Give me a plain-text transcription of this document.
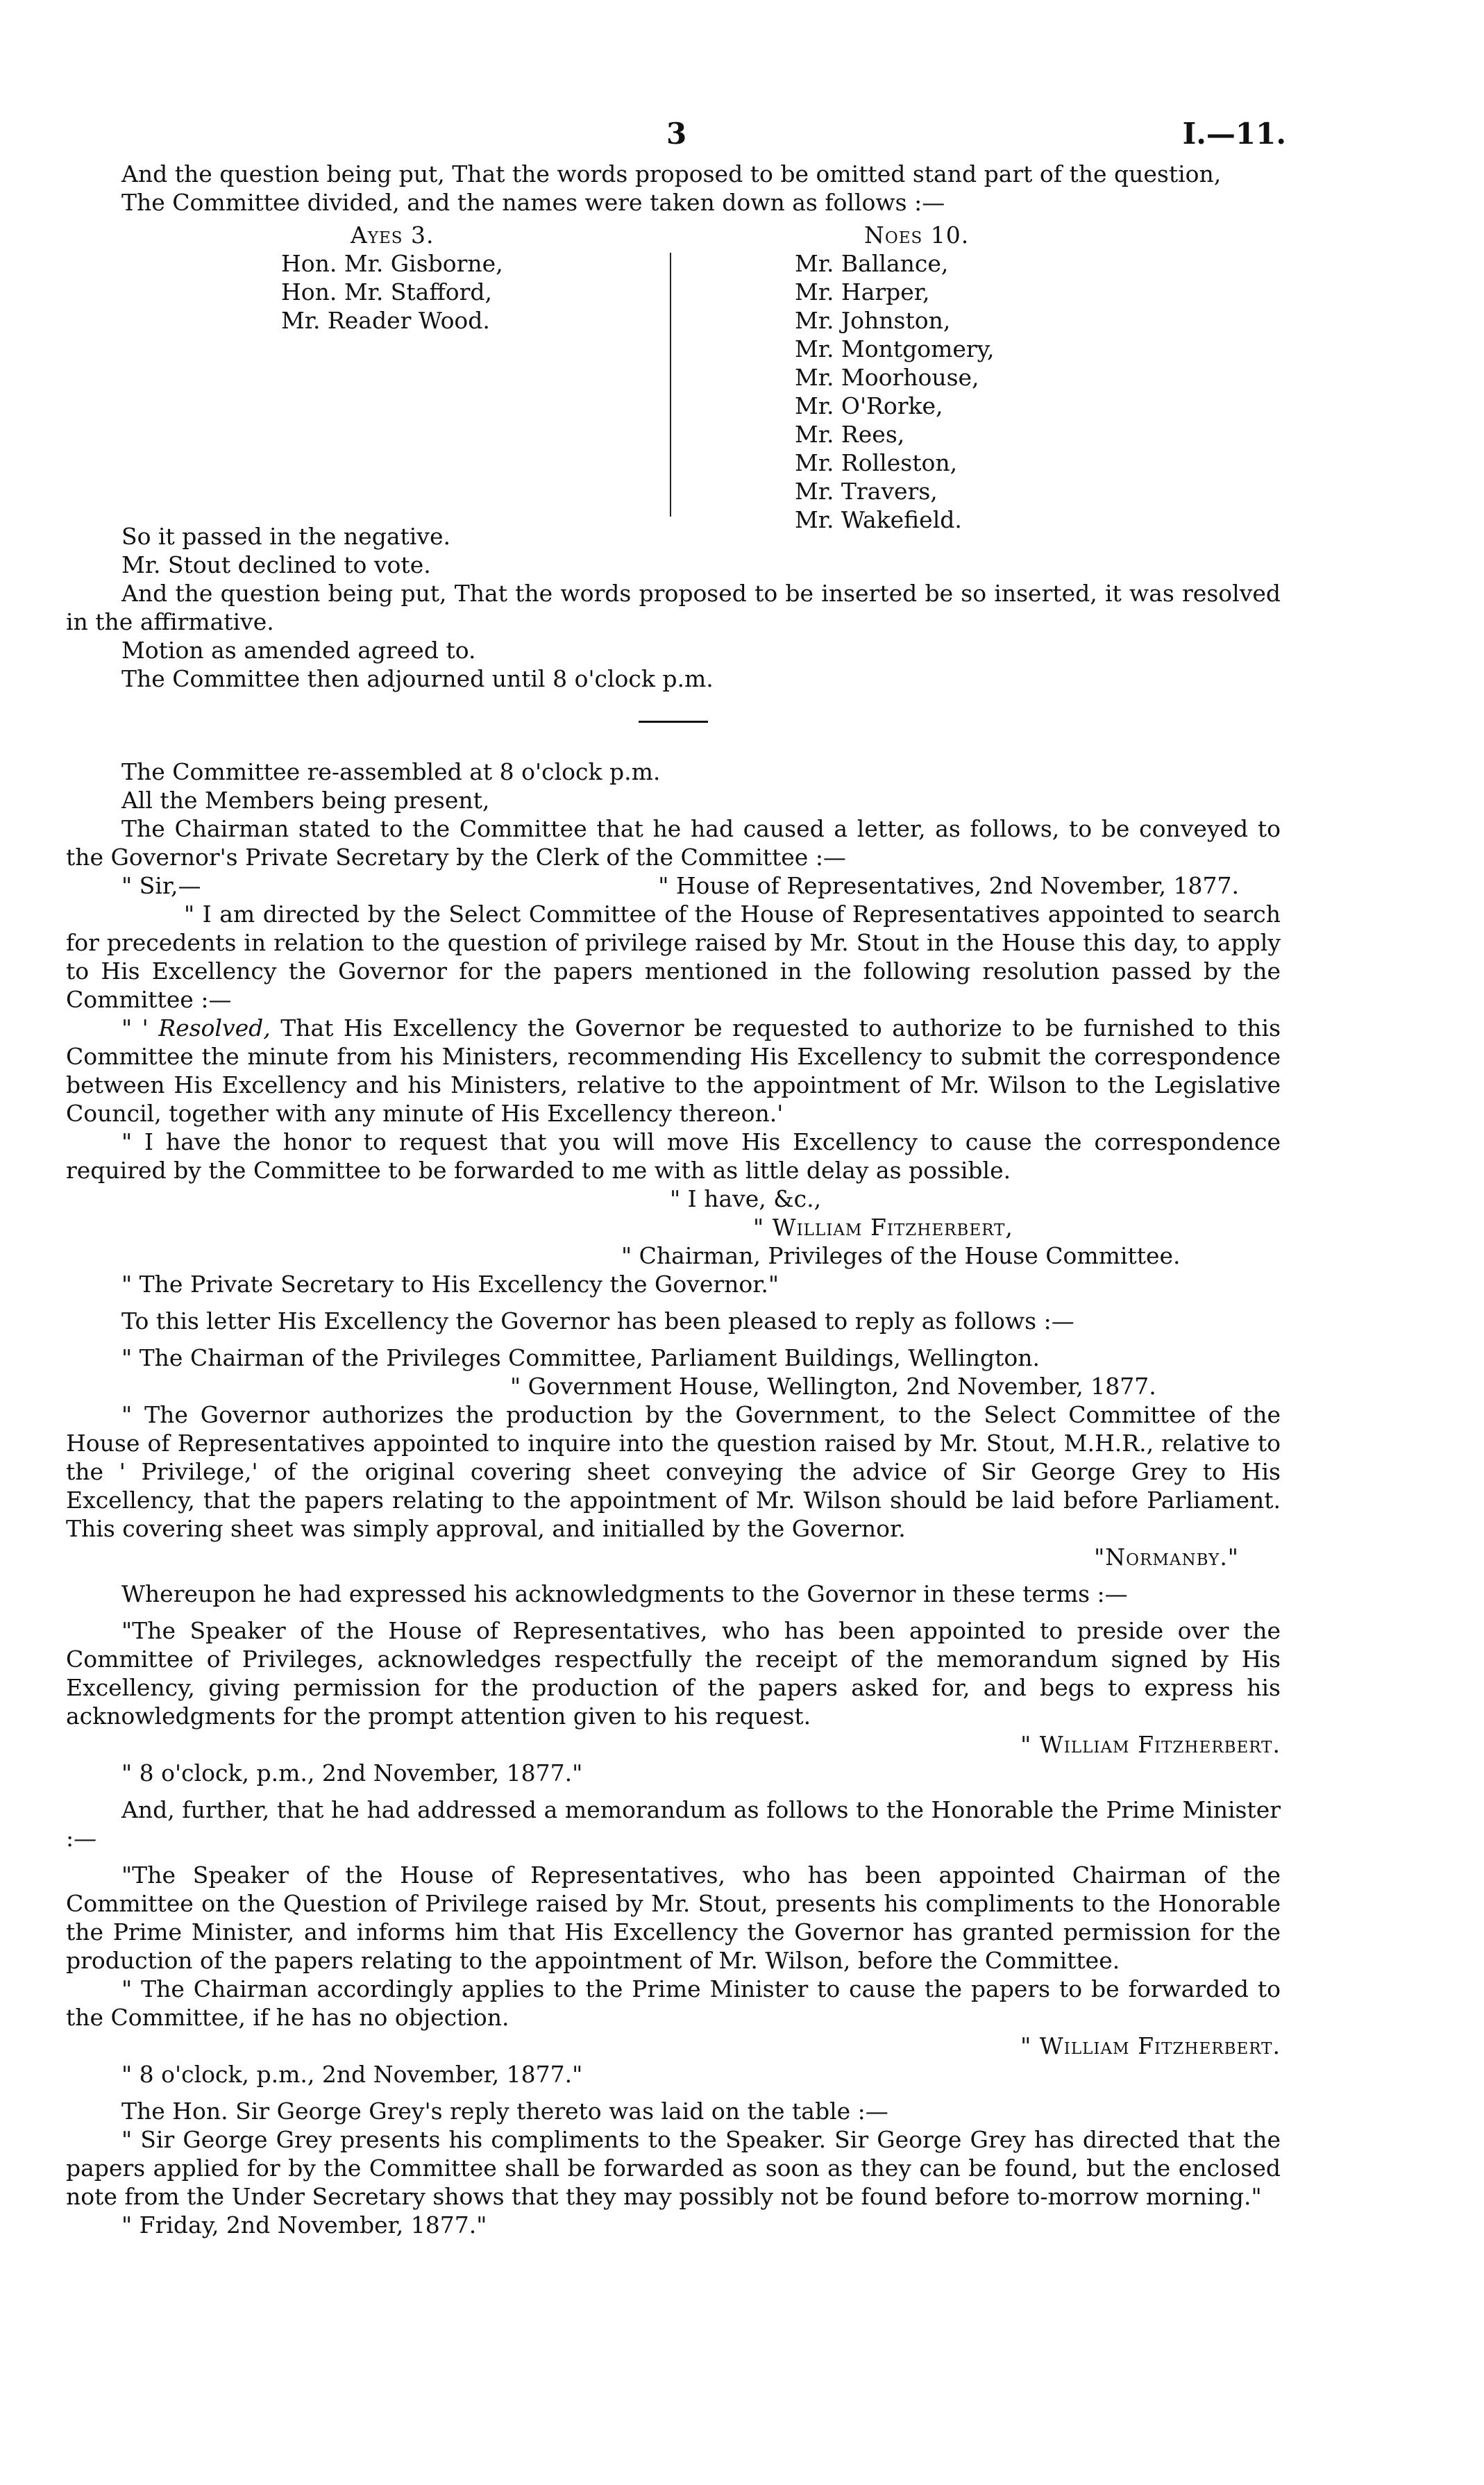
3	I.—11.

And the question being put, That the words proposed to be omitted stand part of the question,

The Committee divided, and the names were taken down as follows :—

Ayes 3.
Hon. Mr. Gisborne,
Hon. Mr. Stafford,
Mr. Reader Wood.
Noes 10.
Mr. Ballance,
Mr. Harper,
Mr. Johnston,
Mr. Montgomery,
Mr. Moorhouse,
Mr. O'Rorke,
Mr. Rees,
Mr. Rolleston,
Mr. Travers,
Mr. Wakefield.

So it passed in the negative.

Mr. Stout declined to vote.

And the question being put, That the words proposed to be inserted be so inserted, it was resolved in the affirmative.

Motion as amended agreed to.

The Committee then adjourned until 8 o'clock p.m.

The Committee re-assembled at 8 o'clock p.m.

All the Members being present,

The Chairman stated to the Committee that he had caused a letter, as follows, to be conveyed to the Governor's Private Secretary by the Clerk of the Committee :—

" Sir,—	" House of Representatives, 2nd November, 1877.

" I am directed by the Select Committee of the House of Representatives appointed to search for precedents in relation to the question of privilege raised by Mr. Stout in the House this day, to apply to His Excellency the Governor for the papers mentioned in the following resolution passed by the Committee :—

" ' Resolved, That His Excellency the Governor be requested to authorize to be furnished to this Committee the minute from his Ministers, recommending His Excellency to submit the correspondence between His Excellency and his Ministers, relative to the appointment of Mr. Wilson to the Legislative Council, together with any minute of His Excellency thereon.'

" I have the honor to request that you will move His Excellency to cause the correspondence required by the Committee to be forwarded to me with as little delay as possible.

" I have, &c.,

" William Fitzherbert,

" Chairman, Privileges of the House Committee.

" The Private Secretary to His Excellency the Governor."

To this letter His Excellency the Governor has been pleased to reply as follows :—

" The Chairman of the Privileges Committee, Parliament Buildings, Wellington.

" Government House, Wellington, 2nd November, 1877.

" The Governor authorizes the production by the Government, to the Select Committee of the House of Representatives appointed to inquire into the question raised by Mr. Stout, M.H.R., relative to the ' Privilege,' of the original covering sheet conveying the advice of Sir George Grey to His Excellency, that the papers relating to the appointment of Mr. Wilson should be laid before Parliament. This covering sheet was simply approval, and initialled by the Governor.

"Normanby."

Whereupon he had expressed his acknowledgments to the Governor in these terms :—

"The Speaker of the House of Representatives, who has been appointed to preside over the Committee of Privileges, acknowledges respectfully the receipt of the memorandum signed by His Excellency, giving permission for the production of the papers asked for, and begs to express his acknowledgments for the prompt attention given to his request.

" William Fitzherbert.

" 8 o'clock, p.m., 2nd November, 1877."

And, further, that he had addressed a memorandum as follows to the Honorable the Prime Minister :—

"The Speaker of the House of Representatives, who has been appointed Chairman of the Committee on the Question of Privilege raised by Mr. Stout, presents his compliments to the Honorable the Prime Minister, and informs him that His Excellency the Governor has granted permission for the production of the papers relating to the appointment of Mr. Wilson, before the Committee.

" The Chairman accordingly applies to the Prime Minister to cause the papers to be forwarded to the Committee, if he has no objection.

" William Fitzherbert.

" 8 o'clock, p.m., 2nd November, 1877."

The Hon. Sir George Grey's reply thereto was laid on the table :—

" Sir George Grey presents his compliments to the Speaker. Sir George Grey has directed that the papers applied for by the Committee shall be forwarded as soon as they can be found, but the enclosed note from the Under Secretary shows that they may possibly not be found before to-morrow morning."

" Friday, 2nd November, 1877."
